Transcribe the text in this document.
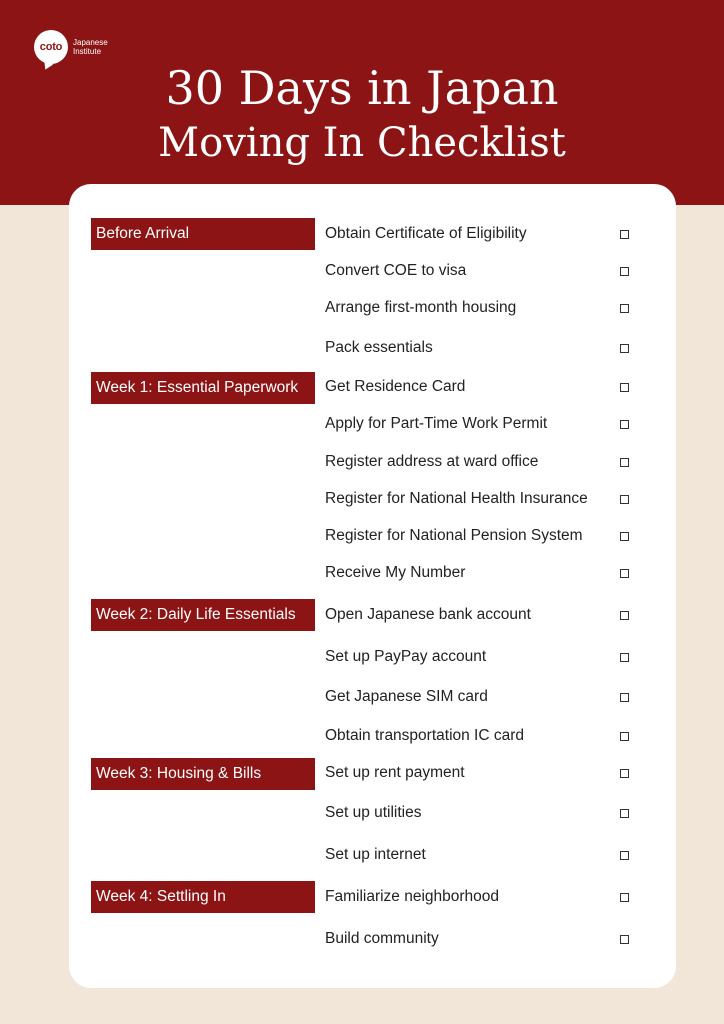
coto Japanese
Institute
30 Days in Japan
Moving In Checklist
Before Arrival
Week 1: Essential Paperwork
Week 2: Daily Life Essentials
Week 3: Housing & Bills
Week 4: Settling In
Obtain Certificate of Eligibility
Convert COE to visa
Arrange first-month housing
Pack essentials
Get Residence Card
Apply for Part-Time Work Permit
Register address at ward office
Register for National Health Insurance
Register for National Pension System
Receive My Number
Open Japanese bank account
Set up PayPay account
Get Japanese SIM card
Obtain transportation IC card
Set up rent payment
Set up utilities
Set up internet
Familiarize neighborhood
Build community
